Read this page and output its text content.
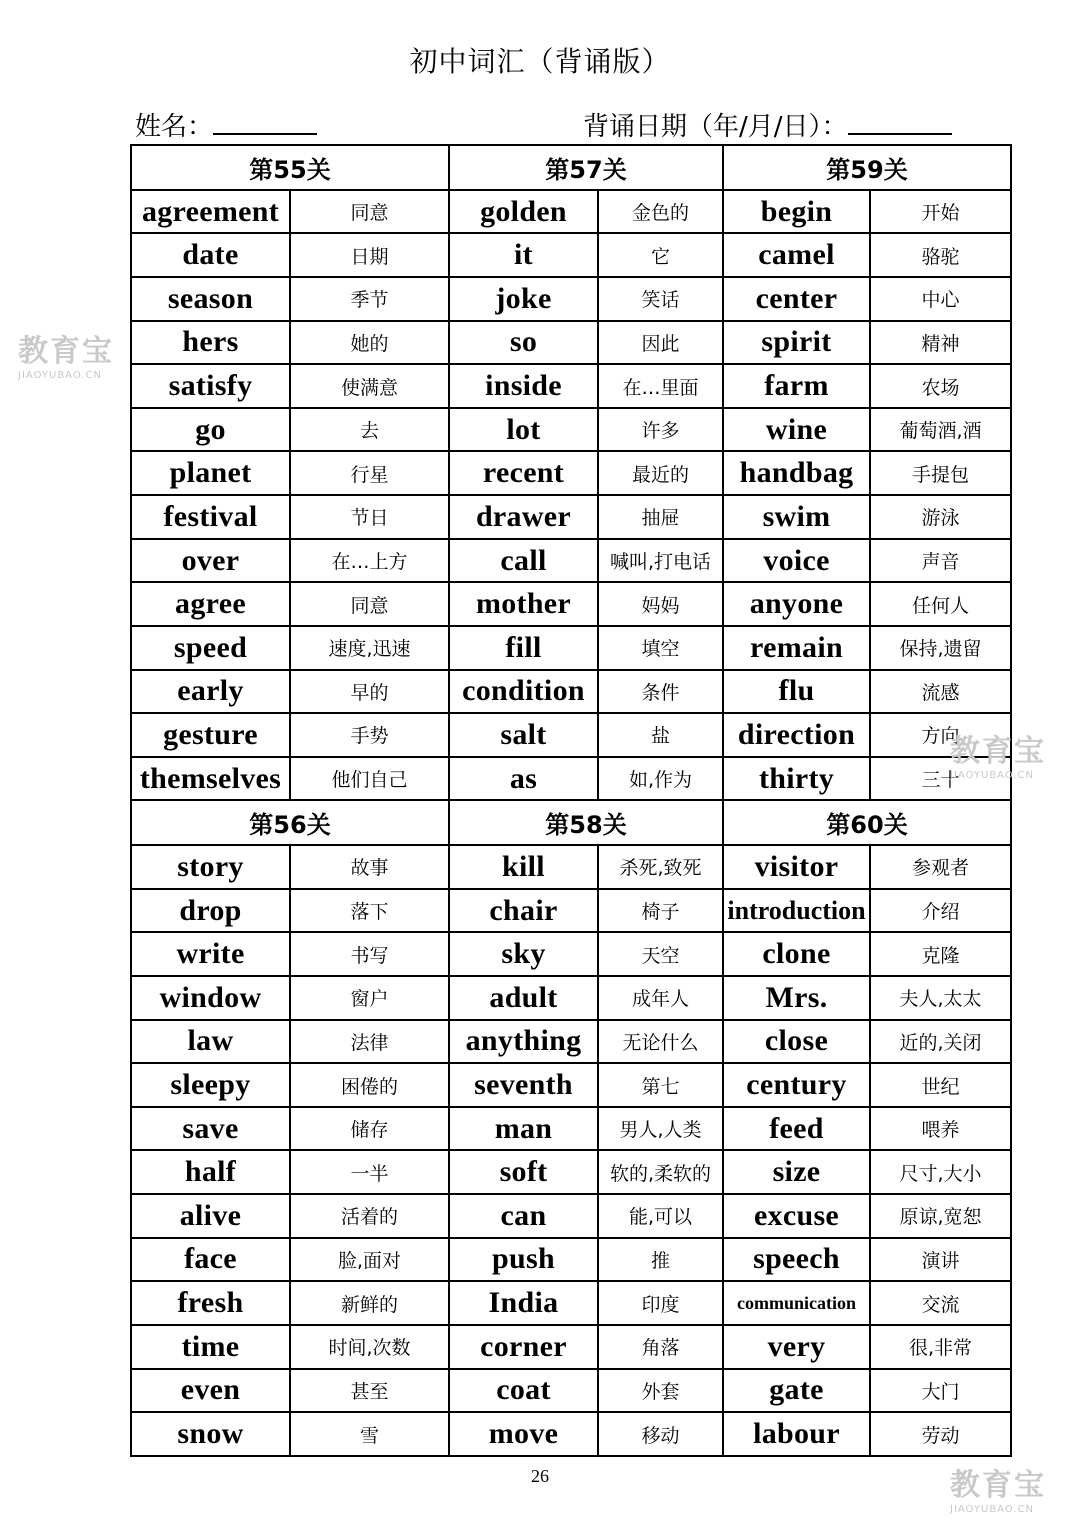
初中词汇（背诵版）
姓名：	背诵日期（年/月/日）：
第55关		第57关		第59关	
agreement	同意	golden	金色的	begin	开始
date	日期	it	它	camel	骆驼
season	季节	joke	笑话	center	中心
hers	她的	so	因此	spirit	精神
satisfy	使满意	inside	在…里面	farm	农场
go	去	lot	许多	wine	葡萄酒,酒
planet	行星	recent	最近的	handbag	手提包
festival	节日	drawer	抽屉	swim	游泳
over	在…上方	call	喊叫,打电话	voice	声音
agree	同意	mother	妈妈	anyone	任何人
speed	速度,迅速	fill	填空	remain	保持,遗留
early	早的	condition	条件	flu	流感
gesture	手势	salt	盐	direction	方向
themselves	他们自己	as	如,作为	thirty	三十
第56关		第58关		第60关	
story	故事	kill	杀死,致死	visitor	参观者
drop	落下	chair	椅子	introduction	介绍
write	书写	sky	天空	clone	克隆
window	窗户	adult	成年人	Mrs.	夫人,太太
law	法律	anything	无论什么	close	近的,关闭
sleepy	困倦的	seventh	第七	century	世纪
save	储存	man	男人,人类	feed	喂养
half	一半	soft	软的,柔软的	size	尺寸,大小
alive	活着的	can	能,可以	excuse	原谅,宽恕
face	脸,面对	push	推	speech	演讲
fresh	新鲜的	India	印度	communication	交流
time	时间,次数	corner	角落	very	很,非常
even	甚至	coat	外套	gate	大门
snow	雪	move	移动	labour	劳动
教育宝
JIAOYUBAO.CN
教育宝
JIAOYUBAO.CN
教育宝
JIAOYUBAO.CN
26
